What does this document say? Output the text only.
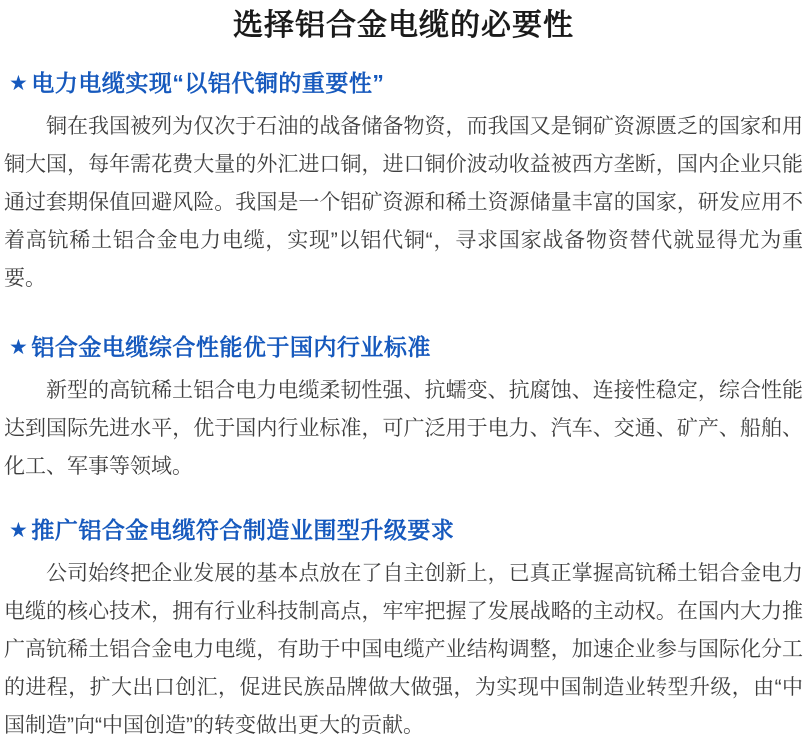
选择铝合金电缆的必要性
★ 电力电缆实现“以铝代铜的重要性”

铜在我国被列为仅次于石油的战备储备物资，而我国又是铜矿资源匮乏的国家和用铜大国，每年需花费大量的外汇进口铜，进口铜价波动收益被西方垄断，国内企业只能通过套期保值回避风险。我国是一个铝矿资源和稀土资源储量丰富的国家，研发应用不着高钪稀土铝合金电力电缆，实现”以铝代铜“，寻求国家战备物资替代就显得尤为重要。

★ 铝合金电缆综合性能优于国内行业标准

新型的高钪稀土铝合电力电缆柔韧性强、抗蠕变、抗腐蚀、连接性稳定，综合性能达到国际先进水平，优于国内行业标准，可广泛用于电力、汽车、交通、矿产、船舶、化工、军事等领域。

★ 推广铝合金电缆符合制造业围型升级要求

公司始终把企业发展的基本点放在了自主创新上，已真正掌握高钪稀土铝合金电力电缆的核心技术，拥有行业科技制高点，牢牢把握了发展战略的主动权。在国内大力推广高钪稀土铝合金电力电缆，有助于中国电缆产业结构调整，加速企业参与国际化分工的进程，扩大出口创汇，促进民族品牌做大做强，为实现中国制造业转型升级，由“中国制造”向“中国创造”的转变做出更大的贡献。
